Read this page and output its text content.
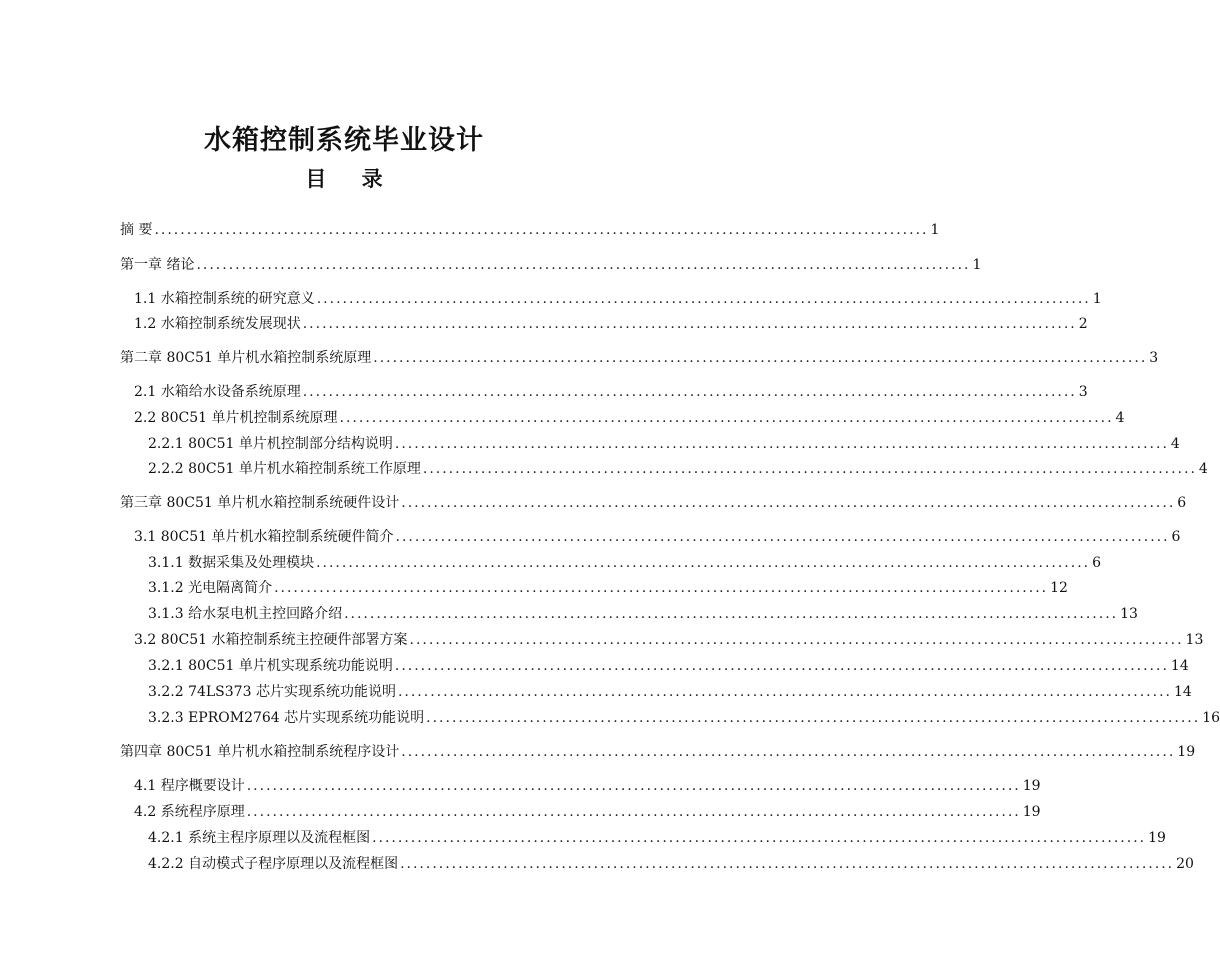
水箱控制系统毕业设计
目 录
摘 要 ........................................................................................................................ 1
第一章 绪论 ........................................................................................................................ 1
1.1 水箱控制系统的研究意义 ........................................................................................................................ 1
1.2 水箱控制系统发展现状 ........................................................................................................................ 2
第二章 80C51 单片机水箱控制系统原理 ........................................................................................................................ 3
2.1 水箱给水设备系统原理 ........................................................................................................................ 3
2.2 80C51 单片机控制系统原理 ........................................................................................................................ 4
2.2.1 80C51 单片机控制部分结构说明 ........................................................................................................................ 4
2.2.2 80C51 单片机水箱控制系统工作原理 ........................................................................................................................ 4
第三章 80C51 单片机水箱控制系统硬件设计 ........................................................................................................................ 6
3.1 80C51 单片机水箱控制系统硬件简介 ........................................................................................................................ 6
3.1.1 数据采集及处理模块 ........................................................................................................................ 6
3.1.2 光电隔离简介 ........................................................................................................................ 12
3.1.3 给水泵电机主控回路介绍 ........................................................................................................................ 13
3.2 80C51 水箱控制系统主控硬件部署方案 ........................................................................................................................ 13
3.2.1 80C51 单片机实现系统功能说明 ........................................................................................................................ 14
3.2.2 74LS373 芯片实现系统功能说明 ........................................................................................................................ 14
3.2.3 EPROM2764 芯片实现系统功能说明 ........................................................................................................................ 16
第四章 80C51 单片机水箱控制系统程序设计 ........................................................................................................................ 19
4.1 程序概要设计 ........................................................................................................................ 19
4.2 系统程序原理 ........................................................................................................................ 19
4.2.1 系统主程序原理以及流程框图 ........................................................................................................................ 19
4.2.2 自动模式子程序原理以及流程框图 ........................................................................................................................ 20
